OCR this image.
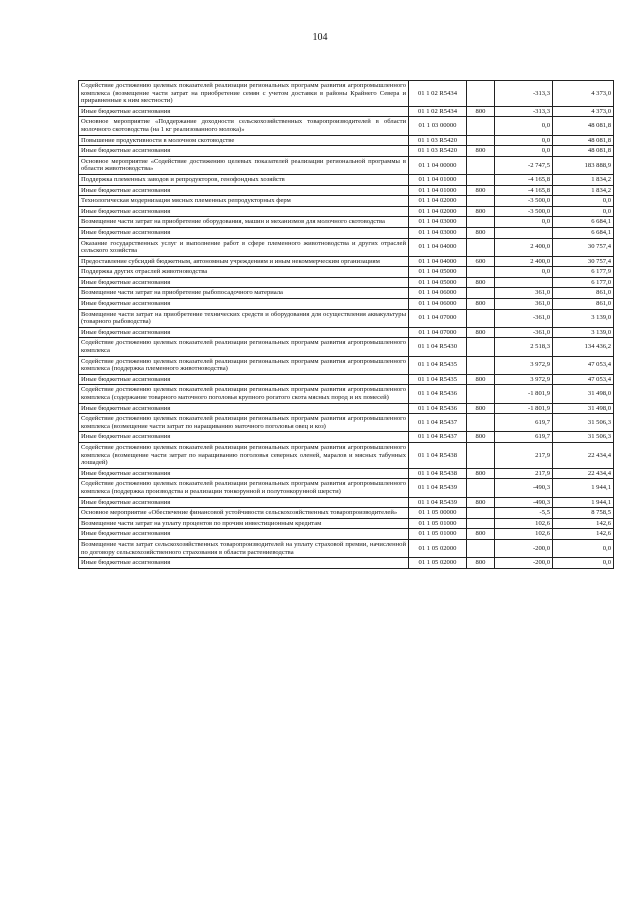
104
Содействие достижению целевых показателей реализации региональных программ развития агропромышленного комплекса (возмещение части затрат на приобретение семян с учетом доставки в районы Крайнего Севера и приравненные к ним местности)	01 1 02 R5434		-313,3	4 373,0
Иные бюджетные ассигнования	01 1 02 R5434	800	-313,3	4 373,0
Основное мероприятие «Поддержание доходности сельскохозяйственных товаропроизводителей в области молочного скотоводства (на 1 кг реализованного молока)»	01 1 03 00000		0,0	48 081,8
Повышение продуктивности в молочном скотоводстве	01 1 03 R5420		0,0	48 081,8
Иные бюджетные ассигнования	01 1 03 R5420	800	0,0	48 081,8
Основное мероприятие «Содействие достижению целевых показателей реализации региональной программы в области животноводства»	01 1 04 00000		-2 747,5	183 888,9
Поддержка племенных заводов и репродукторов, генофондных хозяйств	01 1 04 01000		-4 165,8	1 834,2
Иные бюджетные ассигнования	01 1 04 01000	800	-4 165,8	1 834,2
Технологическая модернизация мясных племенных репродукторных ферм	01 1 04 02000		-3 500,0	0,0
Иные бюджетные ассигнования	01 1 04 02000	800	-3 500,0	0,0
Возмещение части затрат на приобретение оборудования, машин и механизмов для молочного скотоводства	01 1 04 03000		0,0	6 684,1
Иные бюджетные ассигнования	01 1 04 03000	800		6 684,1
Оказание государственных услуг и выполнение работ в сфере племенного животноводства и других отраслей сельского хозяйства	01 1 04 04000		2 400,0	30 757,4
Предоставление субсидий бюджетным, автономным учреждениям и иным некоммерческим организациям	01 1 04 04000	600	2 400,0	30 757,4
Поддержка других отраслей животноводства	01 1 04 05000		0,0	6 177,9
Иные бюджетные ассигнования	01 1 04 05000	800		6 177,0
Возмещение части затрат на приобретение рыбопосадочного материала	01 1 04 06000		361,0	861,0
Иные бюджетные ассигнования	01 1 04 06000	800	361,0	861,0
Возмещение части затрат на приобретение технических средств и оборудования для осуществления аквакультуры (товарного рыбоводства)	01 1 04 07000		-361,0	3 139,0
Иные бюджетные ассигнования	01 1 04 07000	800	-361,0	3 139,0
Содействие достижению целевых показателей реализации региональных программ развития агропромышленного комплекса	01 1 04 R5430		2 518,3	134 436,2
Содействие достижению целевых показателей реализации региональных программ развития агропромышленного комплекса (поддержка племенного животноводства)	01 1 04 R5435		3 972,9	47 053,4
Иные бюджетные ассигнования	01 1 04 R5435	800	3 972,9	47 053,4
Содействие достижению целевых показателей реализации региональных программ развития агропромышленного комплекса (содержание товарного маточного поголовья крупного рогатого скота мясных пород и их помесей)	01 1 04 R5436		-1 801,9	31 498,0
Иные бюджетные ассигнования	01 1 04 R5436	800	-1 801,9	31 498,0
Содействие достижению целевых показателей реализации региональных программ развития агропромышленного комплекса (возмещение части затрат по наращиванию маточного поголовья овец и коз)	01 1 04 R5437		619,7	31 506,3
Иные бюджетные ассигнования	01 1 04 R5437	800	619,7	31 506,3
Содействие достижению целевых показателей реализации региональных программ развития агропромышленного комплекса (возмещение части затрат по наращиванию поголовья северных оленей, маралов и мясных табунных лошадей)	01 1 04 R5438		217,9	22 434,4
Иные бюджетные ассигнования	01 1 04 R5438	800	217,9	22 434,4
Содействие достижению целевых показателей реализации региональных программ развития агропромышленного комплекса (поддержка производства и реализации тонкорунной и полутонкорунной шерсти)	01 1 04 R5439		-490,3	1 944,1
Иные бюджетные ассигнования	01 1 04 R5439	800	-490,3	1 944,1
Основное мероприятие «Обеспечение финансовой устойчивости сельскохозяйственных товаропроизводителей»	01 1 05 00000		-5,5	8 758,5
Возмещение части затрат на уплату процентов по прочим инвестиционным кредитам	01 1 05 01000		102,6	142,6
Иные бюджетные ассигнования	01 1 05 01000	800	102,6	142,6
Возмещение части затрат сельскохозяйственных товаропроизводителей на уплату страховой премии, начисленной по договору сельскохозяйственного страхования в области растениеводства	01 1 05 02000		-200,0	0,0
Иные бюджетные ассигнования	01 1 05 02000	800	-200,0	0,0
